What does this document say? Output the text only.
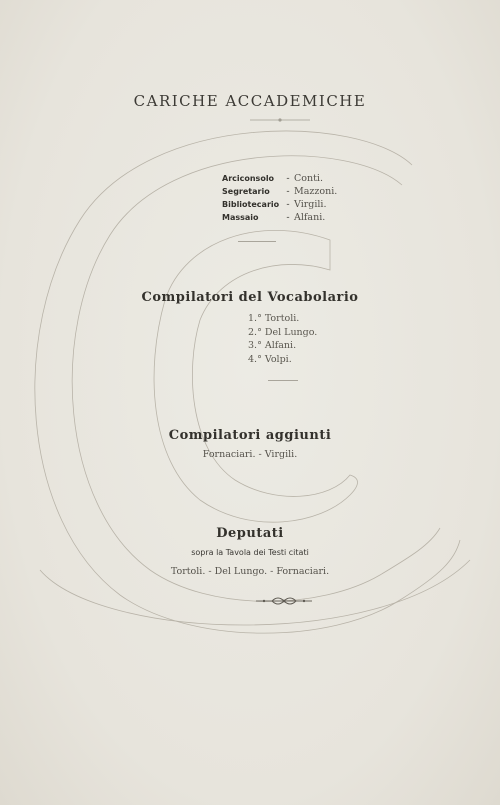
CARICHE ACCADEMICHE
Arciconsolo	- Conti.
Segretario	- Mazzoni.
Bibliotecario - Virgili.
Massaio	- Alfani.
Compilatori del Vocabolario
1.° Tortoli.
2.° Del Lungo.
3.° Alfani.
4.° Volpi.
Compilatori aggiunti
Fornaciari. - Virgili.
Deputati
sopra la Tavola dei Testi citati
Tortoli. - Del Lungo. - Fornaciari.
